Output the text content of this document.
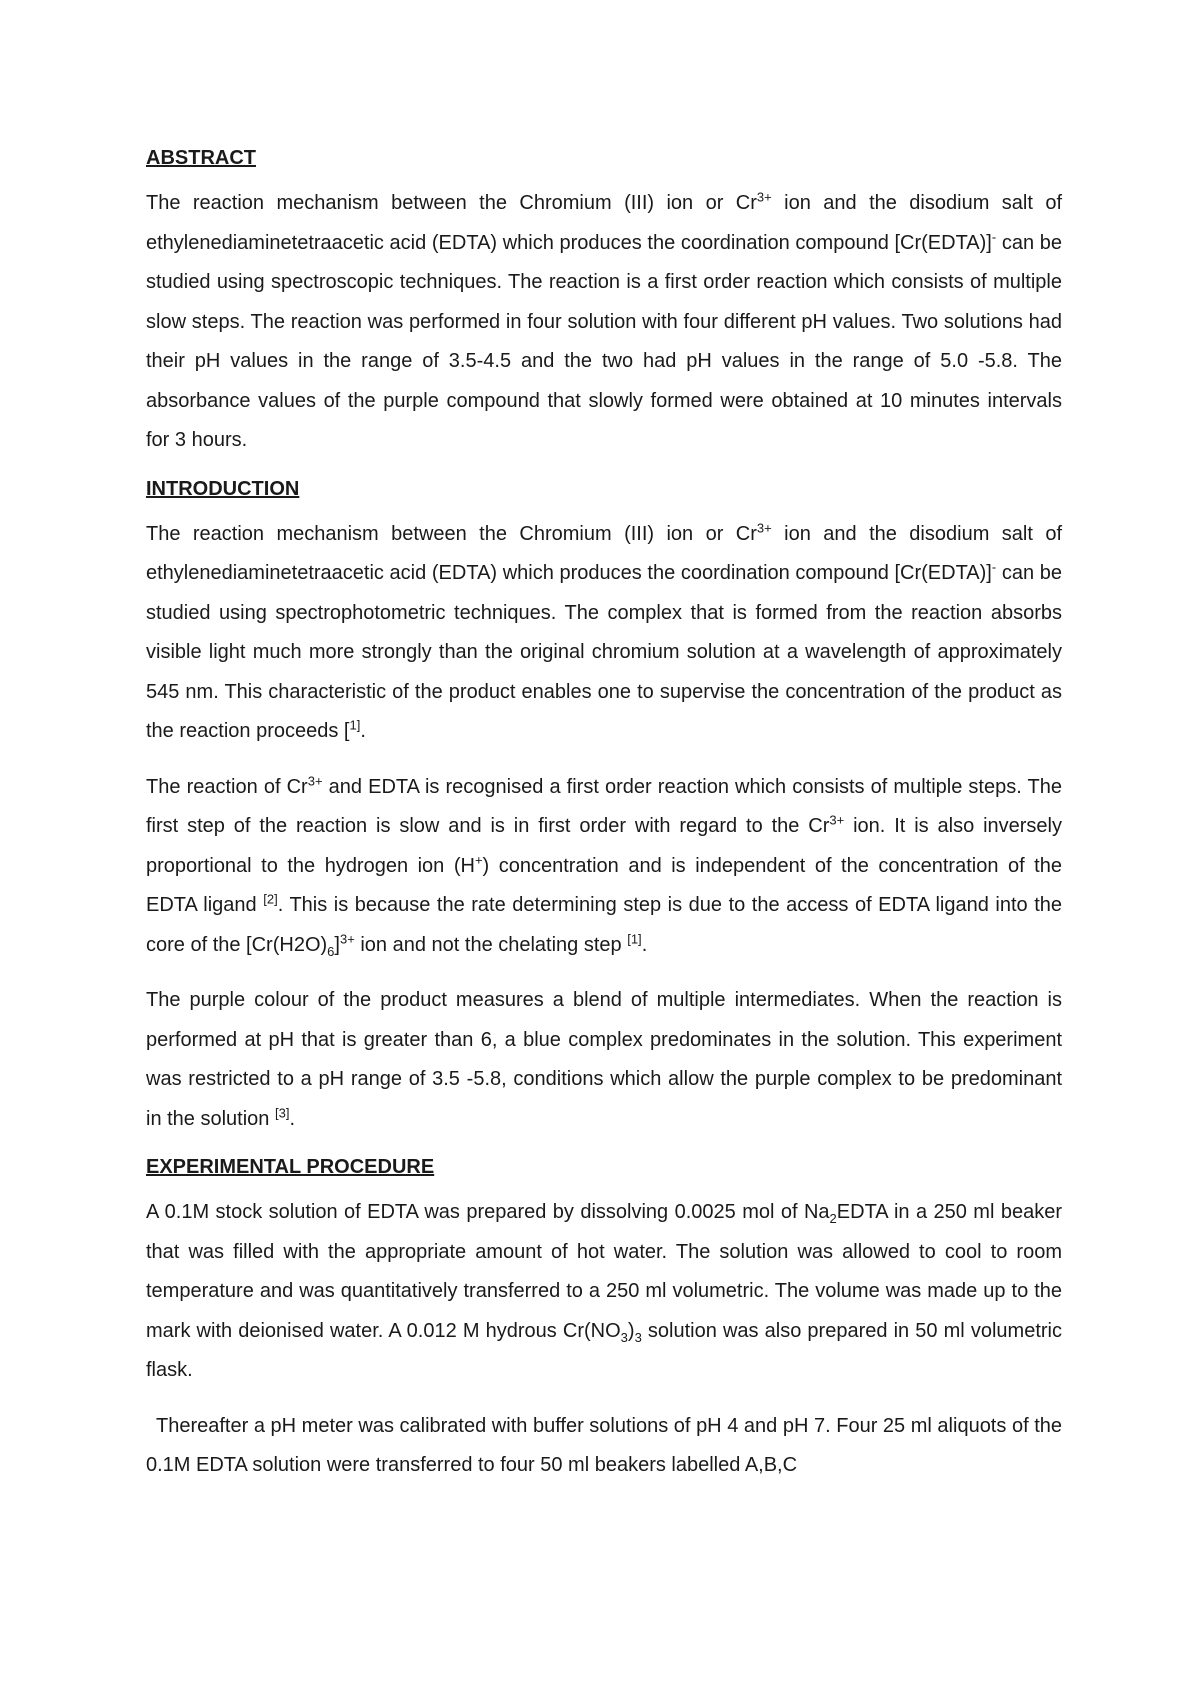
ABSTRACT

The reaction mechanism between the Chromium (III) ion or $Cr^{3+}$ ion and the disodium salt of ethylenediaminetetraacetic acid (EDTA) which produces the coordination compound [Cr(EDTA)]- can be studied using spectroscopic techniques. The reaction is a first order reaction which consists of multiple slow steps. The reaction was performed in four solution with four different pH values. Two solutions had their pH values in the range of 3.5-4.5 and the two had pH values in the range of 5.0 -5.8. The absorbance values of the purple compound that slowly formed were obtained at 10 minutes intervals for 3 hours.

INTRODUCTION

The reaction mechanism between the Chromium (III) ion or $Cr^{3+}$ ion and the disodium salt of ethylenediaminetetraacetic acid (EDTA) which produces the coordination compound [Cr(EDTA)]- can be studied using spectrophotometric techniques. The complex that is formed from the reaction absorbs visible light much more strongly than the original chromium solution at a wavelength of approximately 545 nm. This characteristic of the product enables one to supervise the concentration of the product as the reaction proceeds [$^{1]}$.

The reaction of $Cr^{3+}$ and EDTA is recognised a first order reaction which consists of multiple steps. The first step of the reaction is slow and is in first order with regard to the $Cr^{3+}$ ion. It is also inversely proportional to the hydrogen ion (H+) concentration and is independent of the concentration of the EDTA ligand [2]. This is because the rate determining step is due to the access of EDTA ligand into the core of the $[Cr(H2O)_6]^{3+}$ ion and not the chelating step [1].

The purple colour of the product measures a blend of multiple intermediates. When the reaction is performed at pH that is greater than 6, a blue complex predominates in the solution. This experiment was restricted to a pH range of 3.5 -5.8, conditions which allow the purple complex to be predominant in the solution [3].

EXPERIMENTAL PROCEDURE

A 0.1M stock solution of EDTA was prepared by dissolving 0.0025 mol of $Na_2EDTA$ in a 250 ml beaker that was filled with the appropriate amount of hot water. The solution was allowed to cool to room temperature and was quantitatively transferred to a 250 ml volumetric. The volume was made up to the mark with deionised water. A 0.012 M hydrous $Cr(NO_3)_3$ solution was also prepared in 50 ml volumetric flask.

Thereafter a pH meter was calibrated with buffer solutions of pH 4 and pH 7. Four 25 ml aliquots of the 0.1M EDTA solution were transferred to four 50 ml beakers labelled A,B,C
